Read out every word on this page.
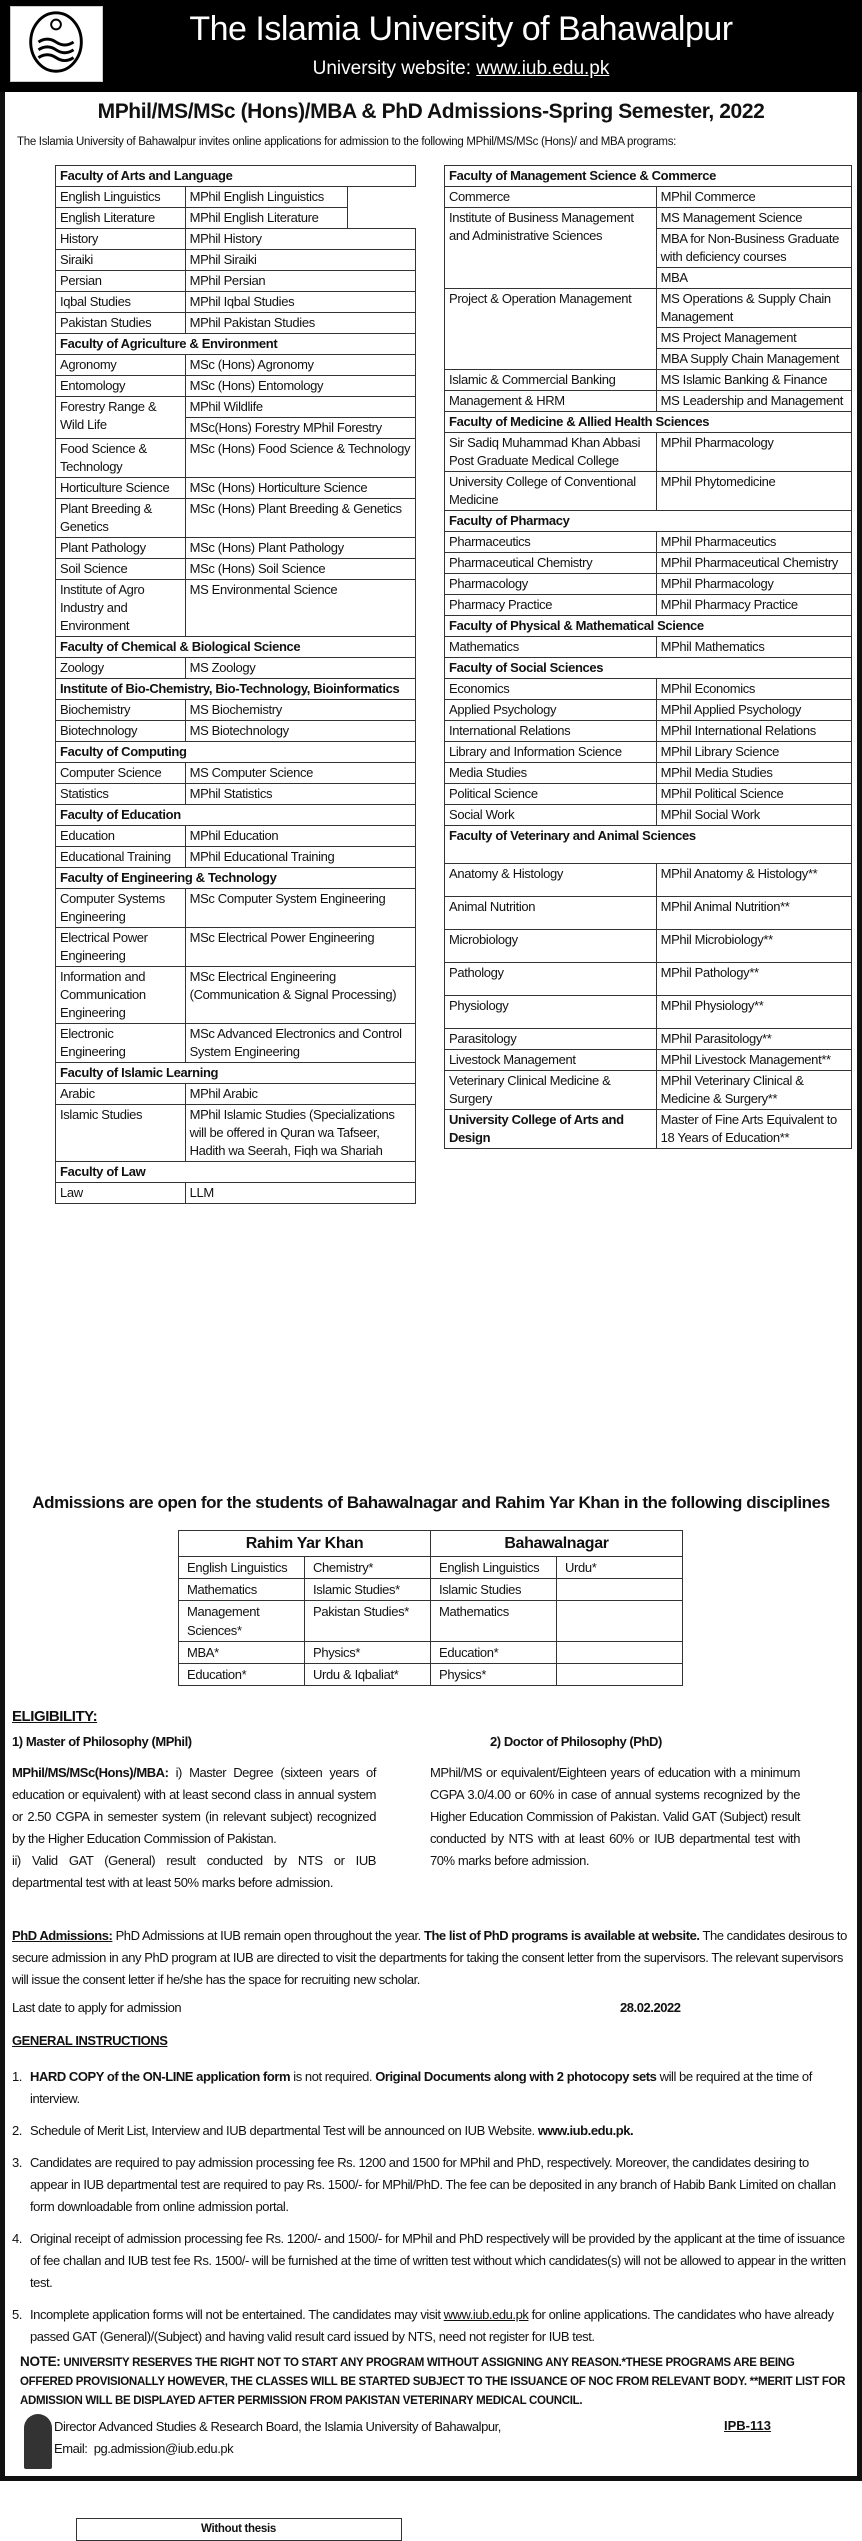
The Islamia University of Bahawalpur
University website: www.iub.edu.pk
MPhil/MS/MSc (Hons)/MBA & PhD Admissions-Spring Semester, 2022
The Islamia University of Bahawalpur invites online applications for admission to the following MPhil/MS/MSc (Hons)/ and MBA programs:
Faculty of Arts and Language	
English Linguistics	MPhil English Linguistics	
Without thesis

English Literature	MPhil English Literature
History	MPhil History
Siraiki	MPhil Siraiki
Persian	MPhil Persian
Iqbal Studies	MPhil Iqbal Studies
Pakistan Studies	MPhil Pakistan Studies
Faculty of Agriculture & Environment	
Agronomy	MSc (Hons) Agronomy
Entomology	MSc (Hons) Entomology
Forestry Range & Wild Life	MPhil Wildlife
MSc(Hons) Forestry MPhil Forestry

Food Science & Technology	MSc (Hons) Food Science & Technology
Horticulture Science	MSc (Hons) Horticulture Science
Plant Breeding & Genetics	MSc (Hons) Plant Breeding & Genetics
Plant Pathology	MSc (Hons) Plant Pathology
Soil Science	MSc (Hons) Soil Science
Institute of Agro Industry and Environment	MS Environmental Science
Faculty of Chemical & Biological Science	
Zoology	MS Zoology
Institute of Bio-Chemistry, Bio-Technology, Bioinformatics	
Biochemistry	MS Biochemistry
Biotechnology	MS Biotechnology
Faculty of Computing	
Computer Science	MS Computer Science
Statistics	MPhil Statistics
Faculty of Education	
Education	MPhil Education
Educational Training	MPhil Educational Training
Faculty of Engineering & Technology	
Computer Systems Engineering	MSc Computer System Engineering
Electrical Power Engineering	MSc Electrical Power Engineering
Information and Communication Engineering	MSc Electrical Engineering (Communication & Signal Processing)
Electronic Engineering	MSc Advanced Electronics and Control System Engineering
Faculty of Islamic Learning	
Arabic	MPhil Arabic
Islamic Studies	MPhil Islamic Studies (Specializations will be offered in Quran wa Tafseer, Hadith wa Seerah, Fiqh wa Shariah
Faculty of Law	
Law	LLM
Faculty of Management Science & Commerce	
Commerce	MPhil Commerce
Institute of Business Management and Administrative Sciences	MS Management Science
MBA for Non-Business Graduate with deficiency courses
MBA

Project & Operation Management	MS Operations & Supply Chain Management
MS Project Management
MBA Supply Chain Management

Islamic & Commercial Banking	MS Islamic Banking & Finance
Management & HRM	MS Leadership and Management
Faculty of Medicine & Allied Health Sciences	
Sir Sadiq Muhammad Khan Abbasi Post Graduate Medical College	MPhil Pharmacology
University College of Conventional Medicine	MPhil Phytomedicine
Faculty of Pharmacy	
Pharmaceutics	MPhil Pharmaceutics
Pharmaceutical Chemistry	MPhil Pharmaceutical Chemistry
Pharmacology	MPhil Pharmacology
Pharmacy Practice	MPhil Pharmacy Practice
Faculty of Physical & Mathematical Science	
Mathematics	MPhil Mathematics
Faculty of Social Sciences	
Economics	MPhil Economics
Applied Psychology	MPhil Applied Psychology
International Relations	MPhil International Relations
Library and Information Science	MPhil Library Science
Media Studies	MPhil Media Studies
Political Science	MPhil Political Science
Social Work	MPhil Social Work
Faculty of Veterinary and Animal Sciences	
Anatomy & Histology	MPhil Anatomy & Histology**
Animal Nutrition	MPhil Animal Nutrition**
Microbiology	MPhil Microbiology**
Pathology	MPhil Pathology**
Physiology	MPhil Physiology**
Parasitology	MPhil Parasitology**
Livestock Management	MPhil Livestock Management**
Veterinary Clinical Medicine & Surgery	MPhil Veterinary Clinical & Medicine & Surgery**
University College of Arts and Design	Master of Fine Arts Equivalent to 18 Years of Education**
Admissions are open for the students of Bahawalnagar and Rahim Yar Khan in the following disciplines
Rahim Yar Khan		Bahawalnagar	
English Linguistics	Chemistry*	English Linguistics	Urdu*
Mathematics	Islamic Studies*	Islamic Studies	
Management Sciences*	Pakistan Studies*	Mathematics	
MBA*	Physics*	Education*	
Education*	Urdu & Iqbaliat*	Physics*	
ELIGIBILITY:
1) Master of Philosophy (MPhil)	2) Doctor of Philosophy (PhD)
MPhil/MS/MSc(Hons)/MBA: i) Master Degree (sixteen years of education or equivalent) with at least second class in annual system or 2.50 CGPA in semester system (in relevant subject) recognized by the Higher Education Commission of Pakistan.
ii) Valid GAT (General) result conducted by NTS or IUB departmental test with at least 50% marks before admission.
MPhil/MS or equivalent/Eighteen years of education with a minimum CGPA 3.0/4.00 or 60% in case of annual systems recognized by the Higher Education Commission of Pakistan. Valid GAT (Subject) result conducted by NTS with at least 60% or IUB departmental test with 70% marks before admission.
PhD Admissions: PhD Admissions at IUB remain open throughout the year. The list of PhD programs is available at website. The candidates desirous to secure admission in any PhD program at IUB are directed to visit the departments for taking the consent letter from the supervisors. The relevant supervisors will issue the consent letter if he/she has the space for recruiting new scholar.
Last date to apply for admission	28.02.2022
GENERAL INSTRUCTIONS
1. HARD COPY of the ON-LINE application form is not required. Original Documents along with 2 photocopy sets will be required at the time of interview.
2. Schedule of Merit List, Interview and IUB departmental Test will be announced on IUB Website. www.iub.edu.pk.
3. Candidates are required to pay admission processing fee Rs. 1200 and 1500 for MPhil and PhD, respectively. Moreover, the candidates desiring to appear in IUB departmental test are required to pay Rs. 1500/- for MPhil/PhD. The fee can be deposited in any branch of Habib Bank Limited on challan form downloadable from online admission portal.
4. Original receipt of admission processing fee Rs. 1200/- and 1500/- for MPhil and PhD respectively will be provided by the applicant at the time of issuance of fee challan and IUB test fee Rs. 1500/- will be furnished at the time of written test without which candidates(s) will not be allowed to appear in the written test.
5. Incomplete application forms will not be entertained. The candidates may visit www.iub.edu.pk for online applications. The candidates who have already passed GAT (General)/(Subject) and having valid result card issued by NTS, need not register for IUB test.
NOTE: UNIVERSITY RESERVES THE RIGHT NOT TO START ANY PROGRAM WITHOUT ASSIGNING ANY REASON.*THESE PROGRAMS ARE BEING OFFERED PROVISIONALLY HOWEVER, THE CLASSES WILL BE STARTED SUBJECT TO THE ISSUANCE OF NOC FROM RELEVANT BODY. **MERIT LIST FOR ADMISSION WILL BE DISPLAYED AFTER PERMISSION FROM PAKISTAN VETERINARY MEDICAL COUNCIL.
Director Advanced Studies & Research Board, the Islamia University of Bahawalpur,
Email: pg.admission@iub.edu.pk
IPB-113
